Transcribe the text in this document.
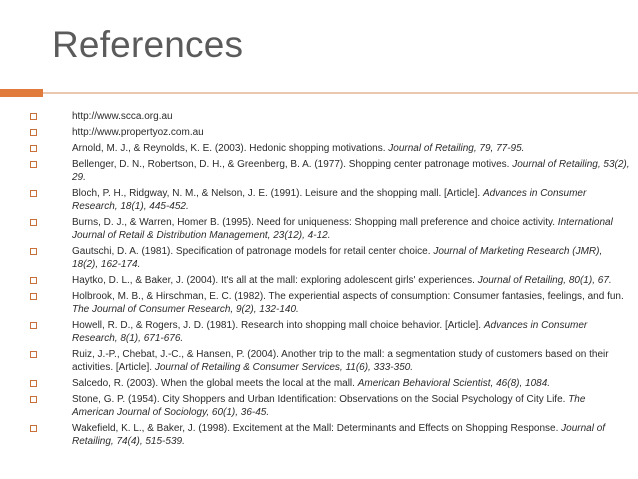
References
http://www.scca.org.au
http://www.propertyoz.com.au
Arnold, M. J., & Reynolds, K. E. (2003). Hedonic shopping motivations. Journal of Retailing, 79, 77-95.
Bellenger, D. N., Robertson, D. H., & Greenberg, B. A. (1977). Shopping center patronage motives. Journal of Retailing, 53(2), 29.
Bloch, P. H., Ridgway, N. M., & Nelson, J. E. (1991). Leisure and the shopping mall. [Article]. Advances in Consumer Research, 18(1), 445-452.
Burns, D. J., & Warren, Homer B. (1995). Need for uniqueness: Shopping mall preference and choice activity. International Journal of Retail & Distribution Management, 23(12), 4-12.
Gautschi, D. A. (1981). Specification of patronage models for retail center choice. Journal of Marketing Research (JMR), 18(2), 162-174.
Haytko, D. L., & Baker, J. (2004). It's all at the mall: exploring adolescent girls' experiences. Journal of Retailing, 80(1), 67.
Holbrook, M. B., & Hirschman, E. C. (1982). The experiential aspects of consumption: Consumer fantasies, feelings, and fun. The Journal of Consumer Research, 9(2), 132-140.
Howell, R. D., & Rogers, J. D. (1981). Research into shopping mall choice behavior. [Article]. Advances in Consumer Research, 8(1), 671-676.
Ruiz, J.-P., Chebat, J.-C., & Hansen, P. (2004). Another trip to the mall: a segmentation study of customers based on their activities. [Article]. Journal of Retailing & Consumer Services, 11(6), 333-350.
Salcedo, R. (2003). When the global meets the local at the mall. American Behavioral Scientist, 46(8), 1084.
Stone, G. P. (1954). City Shoppers and Urban Identification: Observations on the Social Psychology of City Life. The American Journal of Sociology, 60(1), 36-45.
Wakefield, K. L., & Baker, J. (1998). Excitement at the Mall: Determinants and Effects on Shopping Response. Journal of Retailing, 74(4), 515-539.
